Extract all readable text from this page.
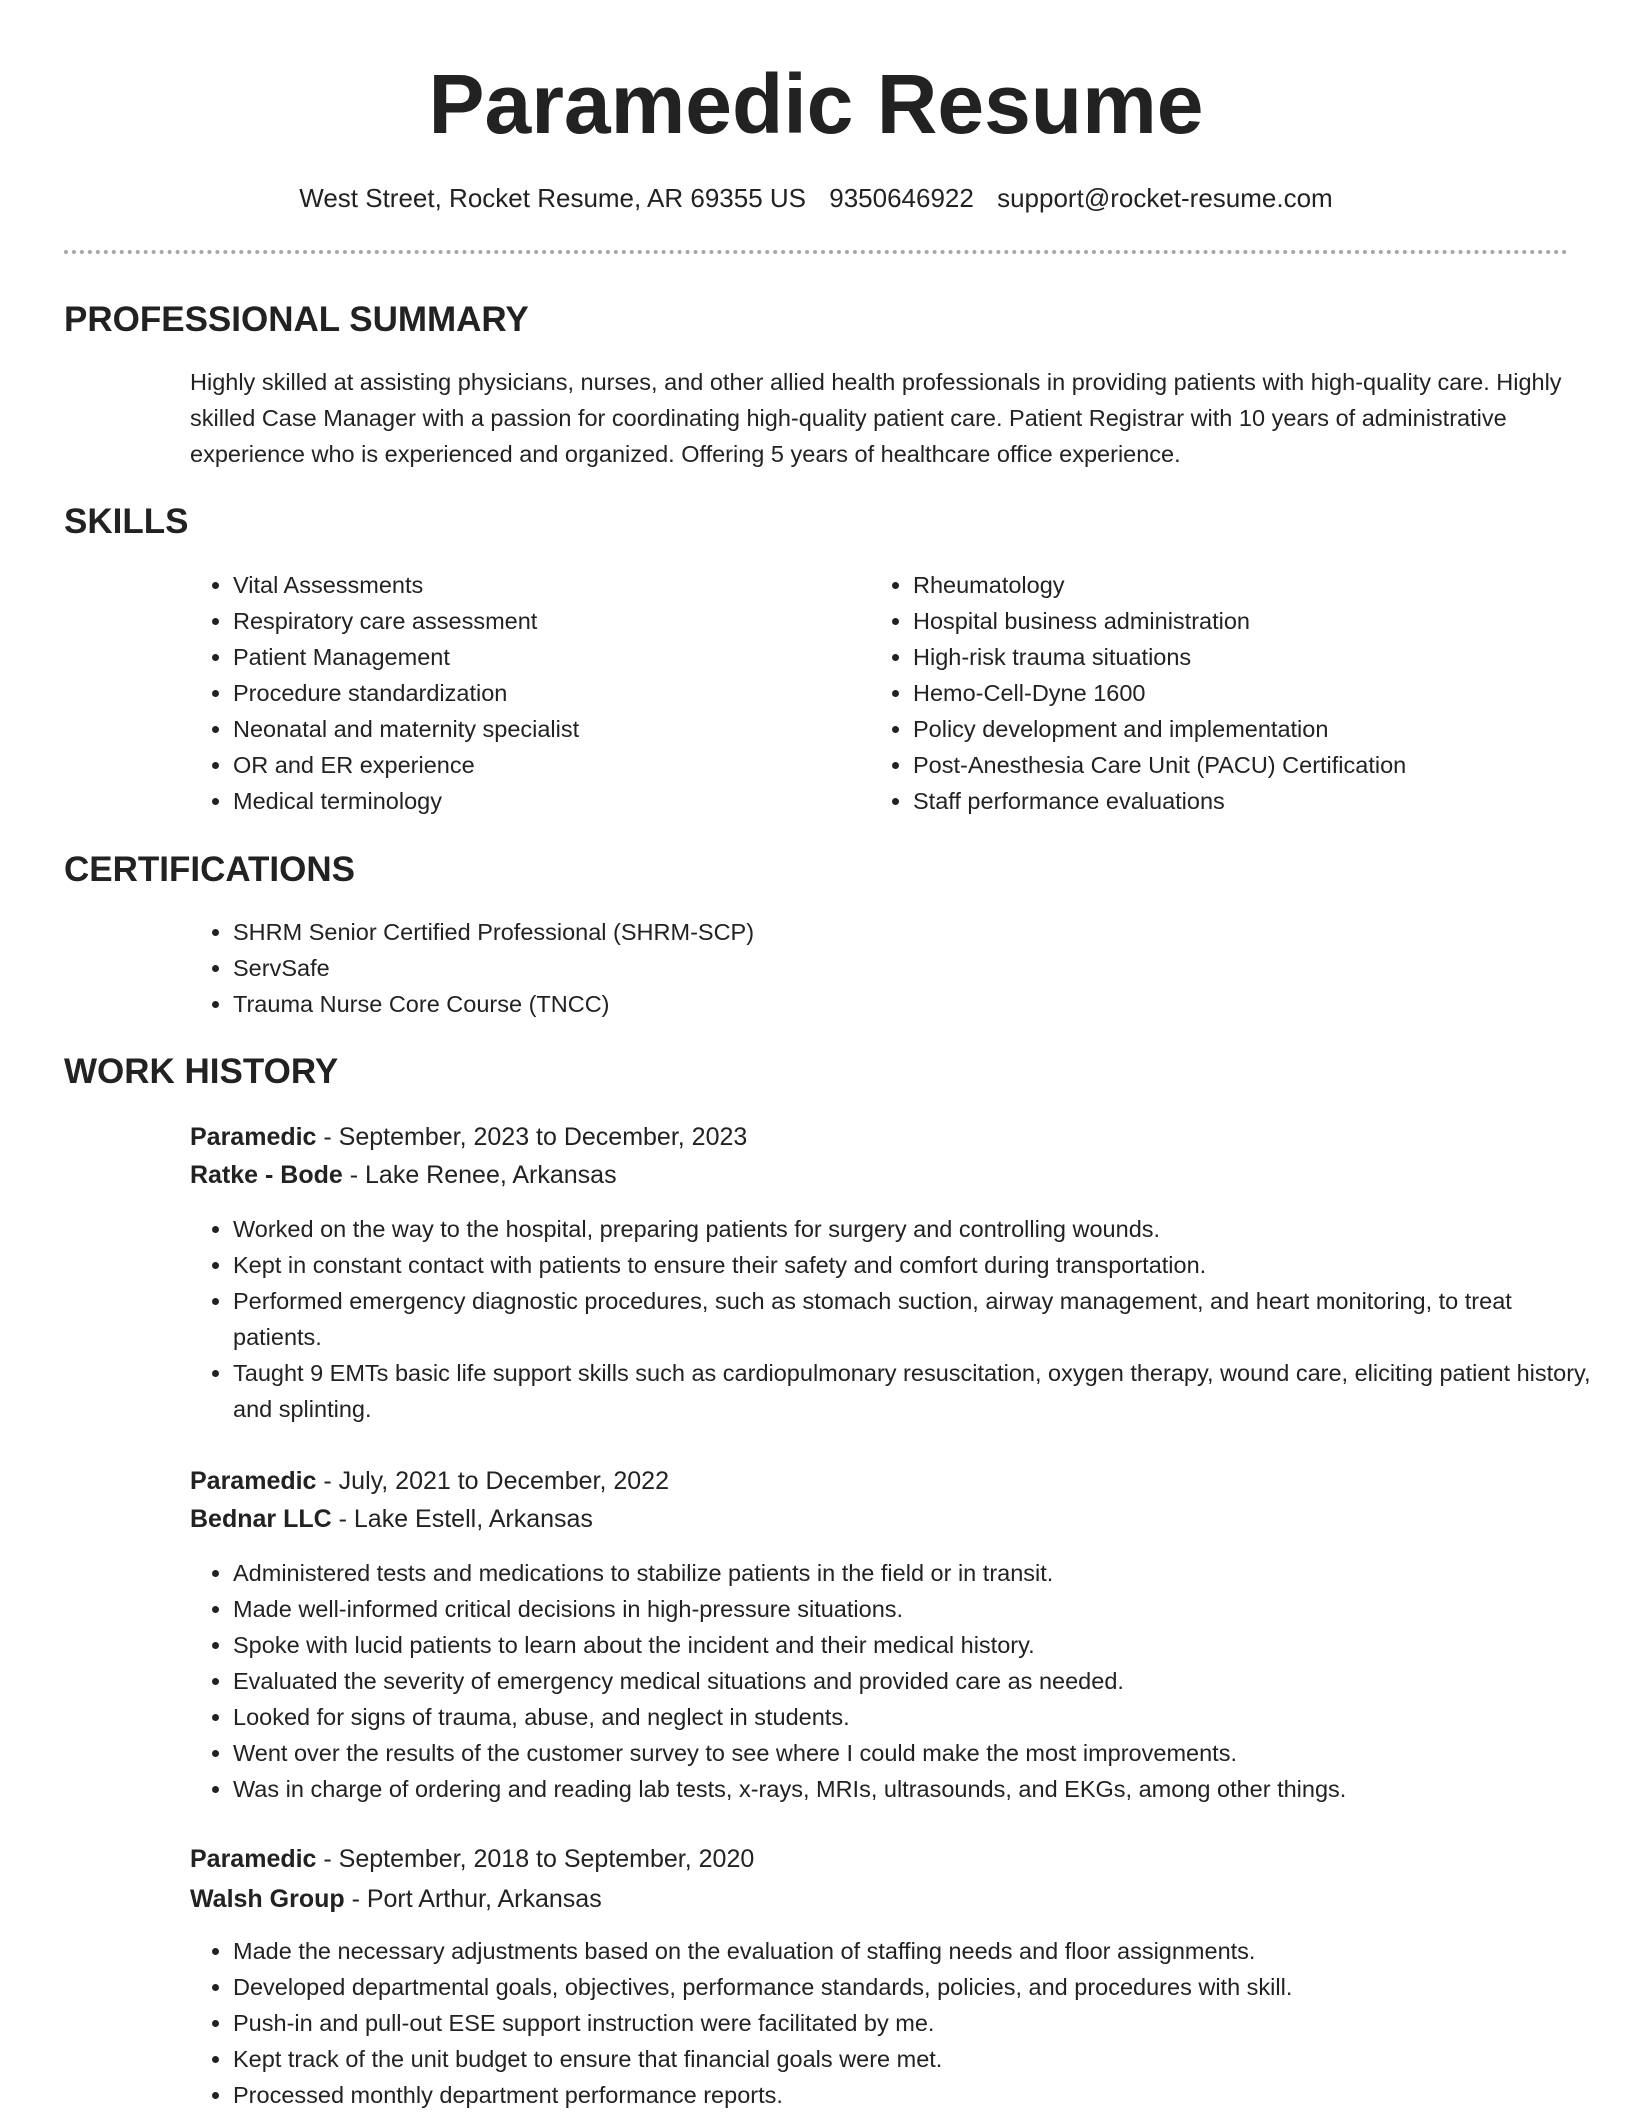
Paramedic Resume
West Street, Rocket Resume, AR 69355 US 9350646922 support@rocket-resume.com
PROFESSIONAL SUMMARY

Highly skilled at assisting physicians, nurses, and other allied health professionals in providing patients with high-quality care. Highly skilled Case Manager with a passion for coordinating high-quality patient care. Patient Registrar with 10 years of administrative experience who is experienced and organized. Offering 5 years of healthcare office experience.

SKILLS
• Vital Assessments
• Respiratory care assessment
• Patient Management
• Procedure standardization
• Neonatal and maternity specialist
• OR and ER experience
• Medical terminology
• Rheumatology
• Hospital business administration
• High-risk trauma situations
• Hemo-Cell-Dyne 1600
• Policy development and implementation
• Post-Anesthesia Care Unit (PACU) Certification
• Staff performance evaluations
CERTIFICATIONS
• SHRM Senior Certified Professional (SHRM-SCP)
• ServSafe
• Trauma Nurse Core Course (TNCC)
WORK HISTORY
Paramedic - September, 2023 to December, 2023
Ratke - Bode - Lake Renee, Arkansas
• Worked on the way to the hospital, preparing patients for surgery and controlling wounds.
• Kept in constant contact with patients to ensure their safety and comfort during transportation.
• Performed emergency diagnostic procedures, such as stomach suction, airway management, and heart monitoring, to treat patients.
• Taught 9 EMTs basic life support skills such as cardiopulmonary resuscitation, oxygen therapy, wound care, eliciting patient history, and splinting.
Paramedic - July, 2021 to December, 2022
Bednar LLC - Lake Estell, Arkansas
• Administered tests and medications to stabilize patients in the field or in transit.
• Made well-informed critical decisions in high-pressure situations.
• Spoke with lucid patients to learn about the incident and their medical history.
• Evaluated the severity of emergency medical situations and provided care as needed.
• Looked for signs of trauma, abuse, and neglect in students.
• Went over the results of the customer survey to see where I could make the most improvements.
• Was in charge of ordering and reading lab tests, x-rays, MRIs, ultrasounds, and EKGs, among other things.
Paramedic - September, 2018 to September, 2020
Walsh Group - Port Arthur, Arkansas
• Made the necessary adjustments based on the evaluation of staffing needs and floor assignments.
• Developed departmental goals, objectives, performance standards, policies, and procedures with skill.
• Push-in and pull-out ESE support instruction were facilitated by me.
• Kept track of the unit budget to ensure that financial goals were met.
• Processed monthly department performance reports.
